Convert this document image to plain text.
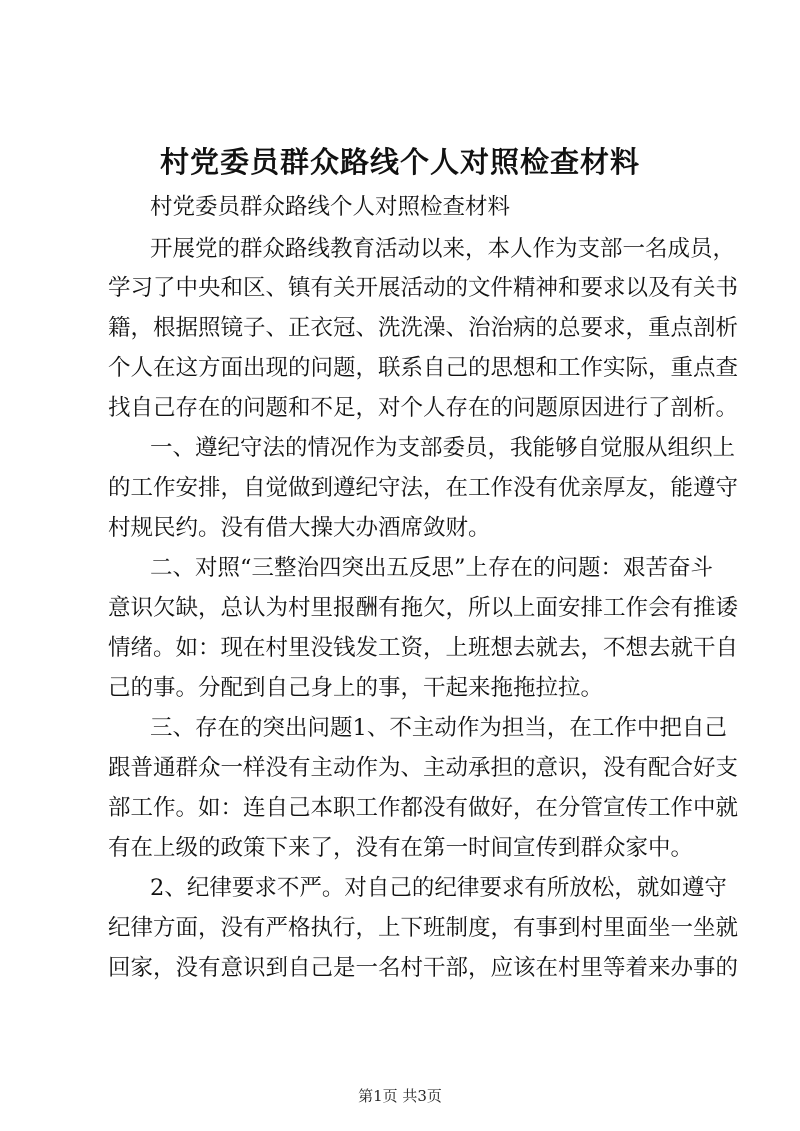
村党委员群众路线个人对照检查材料
村党委员群众路线个人对照检查材料
开展党的群众路线教育活动以来，本人作为支部一名成员，
学习了中央和区、镇有关开展活动的文件精神和要求以及有关书
籍，根据照镜子、正衣冠、洗洗澡、治治病的总要求，重点剖析
个人在这方面出现的问题，联系自己的思想和工作实际，重点查
找自己存在的问题和不足，对个人存在的问题原因进行了剖析。
一、遵纪守法的情况作为支部委员，我能够自觉服从组织上
的工作安排，自觉做到遵纪守法，在工作没有优亲厚友，能遵守
村规民约。没有借大操大办酒席敛财。
二、对照“三整治四突出五反思”上存在的问题：艰苦奋斗
意识欠缺，总认为村里报酬有拖欠，所以上面安排工作会有推诿
情绪。如：现在村里没钱发工资，上班想去就去，不想去就干自
己的事。分配到自己身上的事，干起来拖拖拉拉。
三、存在的突出问题1、不主动作为担当，在工作中把自己
跟普通群众一样没有主动作为、主动承担的意识，没有配合好支
部工作。如：连自己本职工作都没有做好，在分管宣传工作中就
有在上级的政策下来了，没有在第一时间宣传到群众家中。
2、纪律要求不严。对自己的纪律要求有所放松，就如遵守
纪律方面，没有严格执行，上下班制度，有事到村里面坐一坐就
回家，没有意识到自己是一名村干部，应该在村里等着来办事的
第1页 共3页
